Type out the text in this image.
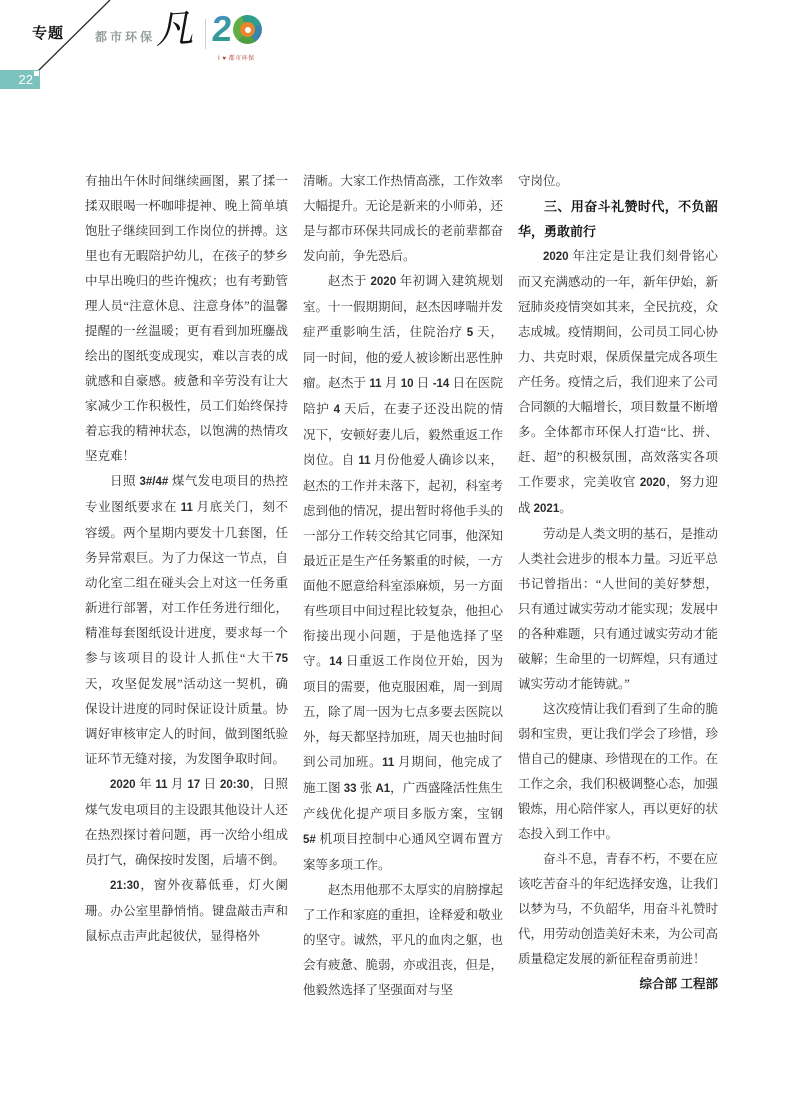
专题
22
都市环保
凡 2
I ♥ 都市环保

有抽出午休时间继续画图，累了揉一揉双眼喝一杯咖啡提神、晚上简单填饱肚子继续回到工作岗位的拼搏。这里也有无暇陪护幼儿，在孩子的梦乡中早出晚归的些许愧疚；也有考勤管理人员“注意休息、注意身体”的温馨提醒的一丝温暖；更有看到加班鏖战绘出的图纸变成现实，难以言表的成就感和自豪感。疲惫和辛劳没有让大家减少工作积极性，员工们始终保持着忘我的精神状态，以饱满的热情攻坚克难！

日照 3#/4# 煤气发电项目的热控专业图纸要求在 11 月底关门，刻不容缓。两个星期内要发十几套图，任务异常艰巨。为了力保这一节点，自动化室二组在碰头会上对这一任务重新进行部署，对工作任务进行细化，精准每套图纸设计进度，要求每一个参与该项目的设计人抓住“大干75 天，攻坚促发展”活动这一契机，确保设计进度的同时保证设计质量。协调好审核审定人的时间，做到图纸验证环节无缝对接，为发图争取时间。

2020 年 11 月 17 日 20:30，日照煤气发电项目的主设跟其他设计人还在热烈探讨着问题，再一次给小组成员打气，确保按时发图，后墙不倒。

21:30，窗外夜幕低垂，灯火阑珊。办公室里静悄悄。键盘敲击声和鼠标点击声此起彼伏，显得格外

清晰。大家工作热情高涨，工作效率大幅提升。无论是新来的小师弟，还是与都市环保共同成长的老前辈都奋发向前，争先恐后。

赵杰于 2020 年初调入建筑规划室。十一假期期间，赵杰因哮喘并发症严重影响生活，住院治疗 5 天，同一时间，他的爱人被诊断出恶性肿瘤。赵杰于 11 月 10 日 -14 日在医院陪护 4 天后，在妻子还没出院的情况下，安顿好妻儿后，毅然重返工作岗位。自 11 月份他爱人确诊以来，赵杰的工作并未落下，起初，科室考虑到他的情况，提出暂时将他手头的一部分工作转交给其它同事，他深知最近正是生产任务繁重的时候，一方面他不愿意给科室添麻烦，另一方面有些项目中间过程比较复杂，他担心衔接出现小问题，于是他选择了坚守。14 日重返工作岗位开始，因为项目的需要，他克服困难，周一到周五，除了周一因为七点多要去医院以外，每天都坚持加班，周天也抽时间到公司加班。11 月期间，他完成了施工图 33 张 A1，广西盛隆活性焦生产线优化提产项目多版方案，宝钢 5# 机项目控制中心通风空调布置方案等多项工作。

赵杰用他那不太厚实的肩膀撑起了工作和家庭的重担，诠释爱和敬业的坚守。诚然，平凡的血肉之躯，也会有疲惫、脆弱，亦或沮丧，但是，他毅然选择了坚强面对与坚

守岗位。

三、用奋斗礼赞时代，不负韶华，勇敢前行

2020 年注定是让我们刻骨铭心而又充满感动的一年，新年伊始，新冠肺炎疫情突如其来，全民抗疫，众志成城。疫情期间，公司员工同心协力、共克时艰，保质保量完成各项生产任务。疫情之后，我们迎来了公司合同额的大幅增长，项目数量不断增多。全体都市环保人打造“比、拼、赶、超”的积极氛围，高效落实各项工作要求，完美收官 2020，努力迎战 2021。

劳动是人类文明的基石，是推动人类社会进步的根本力量。习近平总书记曾指出：“人世间的美好梦想，只有通过诚实劳动才能实现；发展中的各种难题，只有通过诚实劳动才能破解；生命里的一切辉煌，只有通过诚实劳动才能铸就。”

这次疫情让我们看到了生命的脆弱和宝贵，更让我们学会了珍惜，珍惜自己的健康、珍惜现在的工作。在工作之余，我们积极调整心态，加强锻炼，用心陪伴家人，再以更好的状态投入到工作中。

奋斗不息，青春不朽，不要在应该吃苦奋斗的年纪选择安逸，让我们以梦为马，不负韶华，用奋斗礼赞时代，用劳动创造美好未来，为公司高质量稳定发展的新征程奋勇前进！

综合部 工程部
